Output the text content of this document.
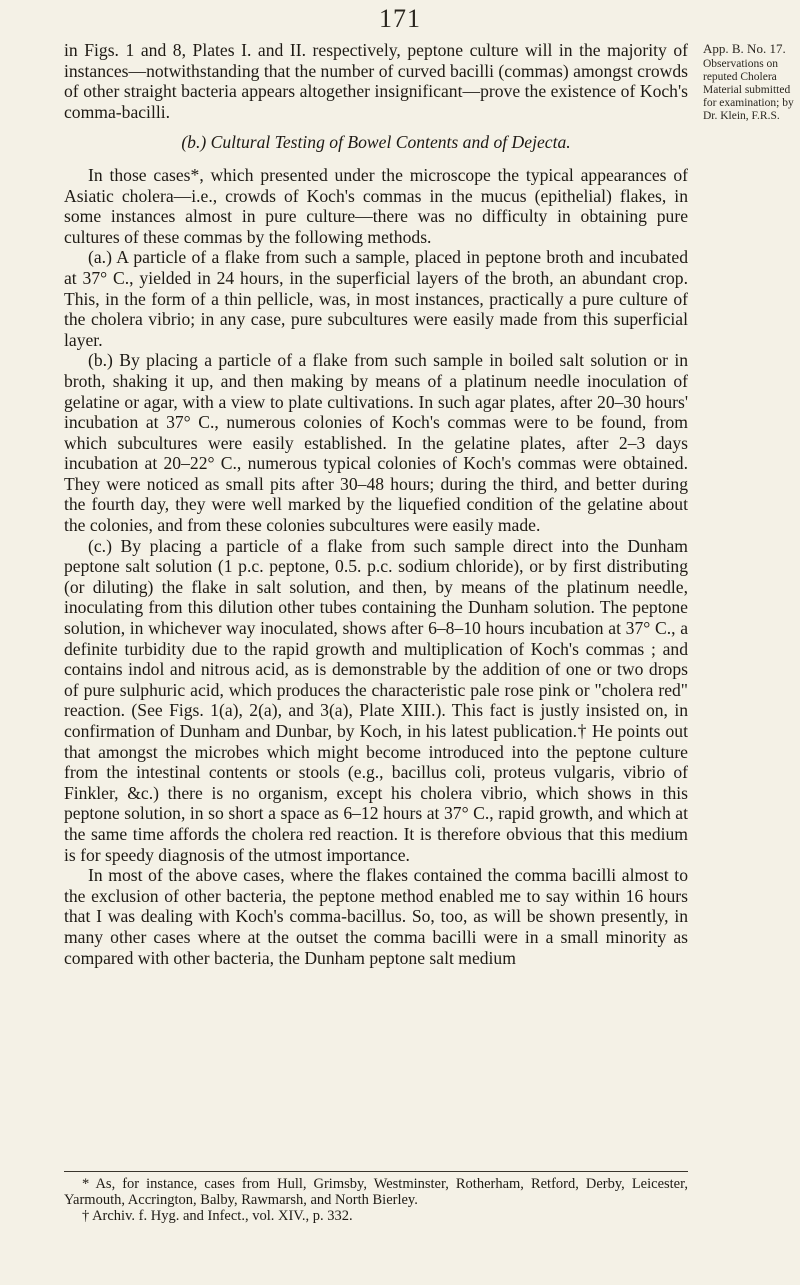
171

in Figs. 1 and 8, Plates I. and II. respectively, peptone culture will in the majority of instances—notwithstanding that the number of curved bacilli (commas) amongst crowds of other straight bacteria appears altogether insignificant—prove the existence of Koch's comma-bacilli.

(b.) Cultural Testing of Bowel Contents and of Dejecta.

In those cases*, which presented under the microscope the typical appearances of Asiatic cholera—i.e., crowds of Koch's commas in the mucus (epithelial) flakes, in some instances almost in pure culture—there was no difficulty in obtaining pure cultures of these commas by the following methods.

(a.) A particle of a flake from such a sample, placed in peptone broth and incubated at 37° C., yielded in 24 hours, in the superficial layers of the broth, an abundant crop. This, in the form of a thin pellicle, was, in most instances, practically a pure culture of the cholera vibrio; in any case, pure subcultures were easily made from this superficial layer.

(b.) By placing a particle of a flake from such sample in boiled salt solution or in broth, shaking it up, and then making by means of a platinum needle inoculation of gelatine or agar, with a view to plate cultivations. In such agar plates, after 20–30 hours' incubation at 37° C., numerous colonies of Koch's commas were to be found, from which subcultures were easily established. In the gelatine plates, after 2–3 days incubation at 20–22° C., numerous typical colonies of Koch's commas were obtained. They were noticed as small pits after 30–48 hours; during the third, and better during the fourth day, they were well marked by the liquefied condition of the gelatine about the colonies, and from these colonies subcultures were easily made.

(c.) By placing a particle of a flake from such sample direct into the Dunham peptone salt solution (1 p.c. peptone, 0.5. p.c. sodium chloride), or by first distributing (or diluting) the flake in salt solution, and then, by means of the platinum needle, inoculating from this dilution other tubes containing the Dunham solution. The peptone solution, in whichever way inoculated, shows after 6–8–10 hours incubation at 37° C., a definite turbidity due to the rapid growth and multiplication of Koch's commas ; and contains indol and nitrous acid, as is demonstrable by the addition of one or two drops of pure sulphuric acid, which produces the characteristic pale rose pink or "cholera red" reaction. (See Figs. 1(a), 2(a), and 3(a), Plate XIII.). This fact is justly insisted on, in confirmation of Dunham and Dunbar, by Koch, in his latest publication.† He points out that amongst the microbes which might become introduced into the peptone culture from the intestinal contents or stools (e.g., bacillus coli, proteus vulgaris, vibrio of Finkler, &c.) there is no organism, except his cholera vibrio, which shows in this peptone solution, in so short a space as 6–12 hours at 37° C., rapid growth, and which at the same time affords the cholera red reaction. It is therefore obvious that this medium is for speedy diagnosis of the utmost importance.

In most of the above cases, where the flakes contained the comma bacilli almost to the exclusion of other bacteria, the peptone method enabled me to say within 16 hours that I was dealing with Koch's comma-bacillus. So, too, as will be shown presently, in many other cases where at the outset the comma bacilli were in a small minority as compared with other bacteria, the Dunham peptone salt medium

App. B. No. 17.
Observations on reputed Cholera Material submitted for examination; by Dr. Klein, F.R.S.

* As, for instance, cases from Hull, Grimsby, Westminster, Rotherham, Retford, Derby, Leicester, Yarmouth, Accrington, Balby, Rawmarsh, and North Bierley.

† Archiv. f. Hyg. and Infect., vol. XIV., p. 332.
